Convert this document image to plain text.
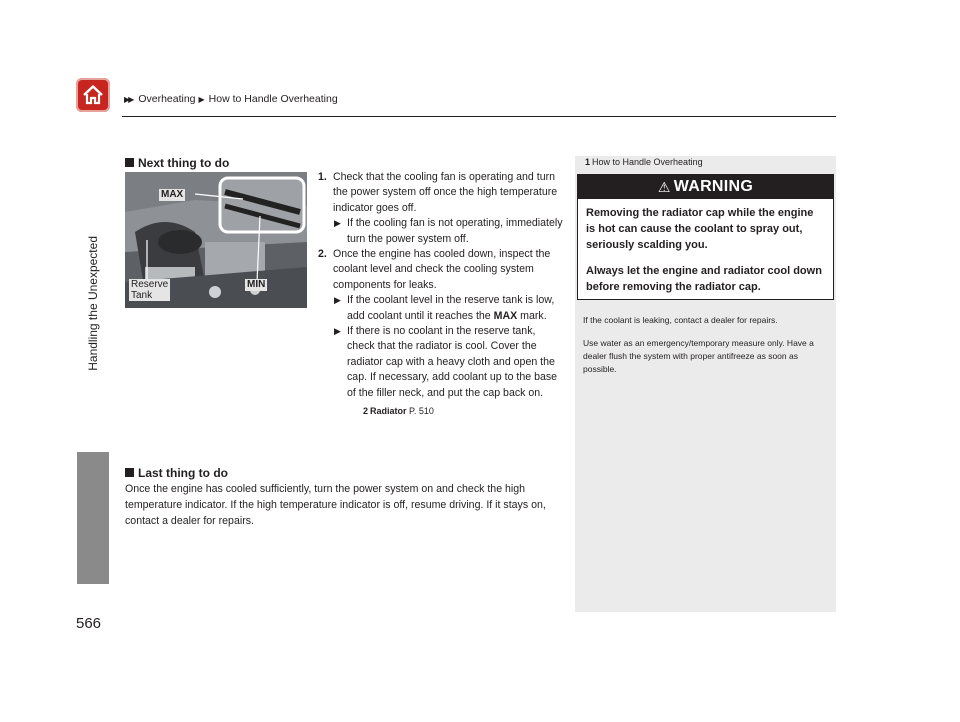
▶▶ Overheating ▶ How to Handle Overheating
Handling the Unexpected
566
Next thing to do
MAX
Reserve
Tank
MIN

1. Check that the cooling fan is operating and turn the power system off once the high temperature indicator goes off.

▶ If the cooling fan is not operating, immediately turn the power system off.

2. Once the engine has cooled down, inspect the coolant level and check the cooling system components for leaks.

▶ If the coolant level in the reserve tank is low, add coolant until it reaches the MAX mark.

▶ If there is no coolant in the reserve tank, check that the radiator is cool. Cover the radiator cap with a heavy cloth and open the cap. If necessary, add coolant up to the base of the filler neck, and put the cap back on.

2 Radiator P. 510
Last thing to do
Once the engine has cooled sufficiently, turn the power system on and check the high temperature indicator. If the high temperature indicator is off, resume driving. If it stays on, contact a dealer for repairs.
1 How to Handle Overheating
⚠ WARNING

Removing the radiator cap while the engine is hot can cause the coolant to spray out, seriously scalding you.

Always let the engine and radiator cool down before removing the radiator cap.

If the coolant is leaking, contact a dealer for repairs.
Use water as an emergency/temporary measure only. Have a dealer flush the system with proper antifreeze as soon as possible.
